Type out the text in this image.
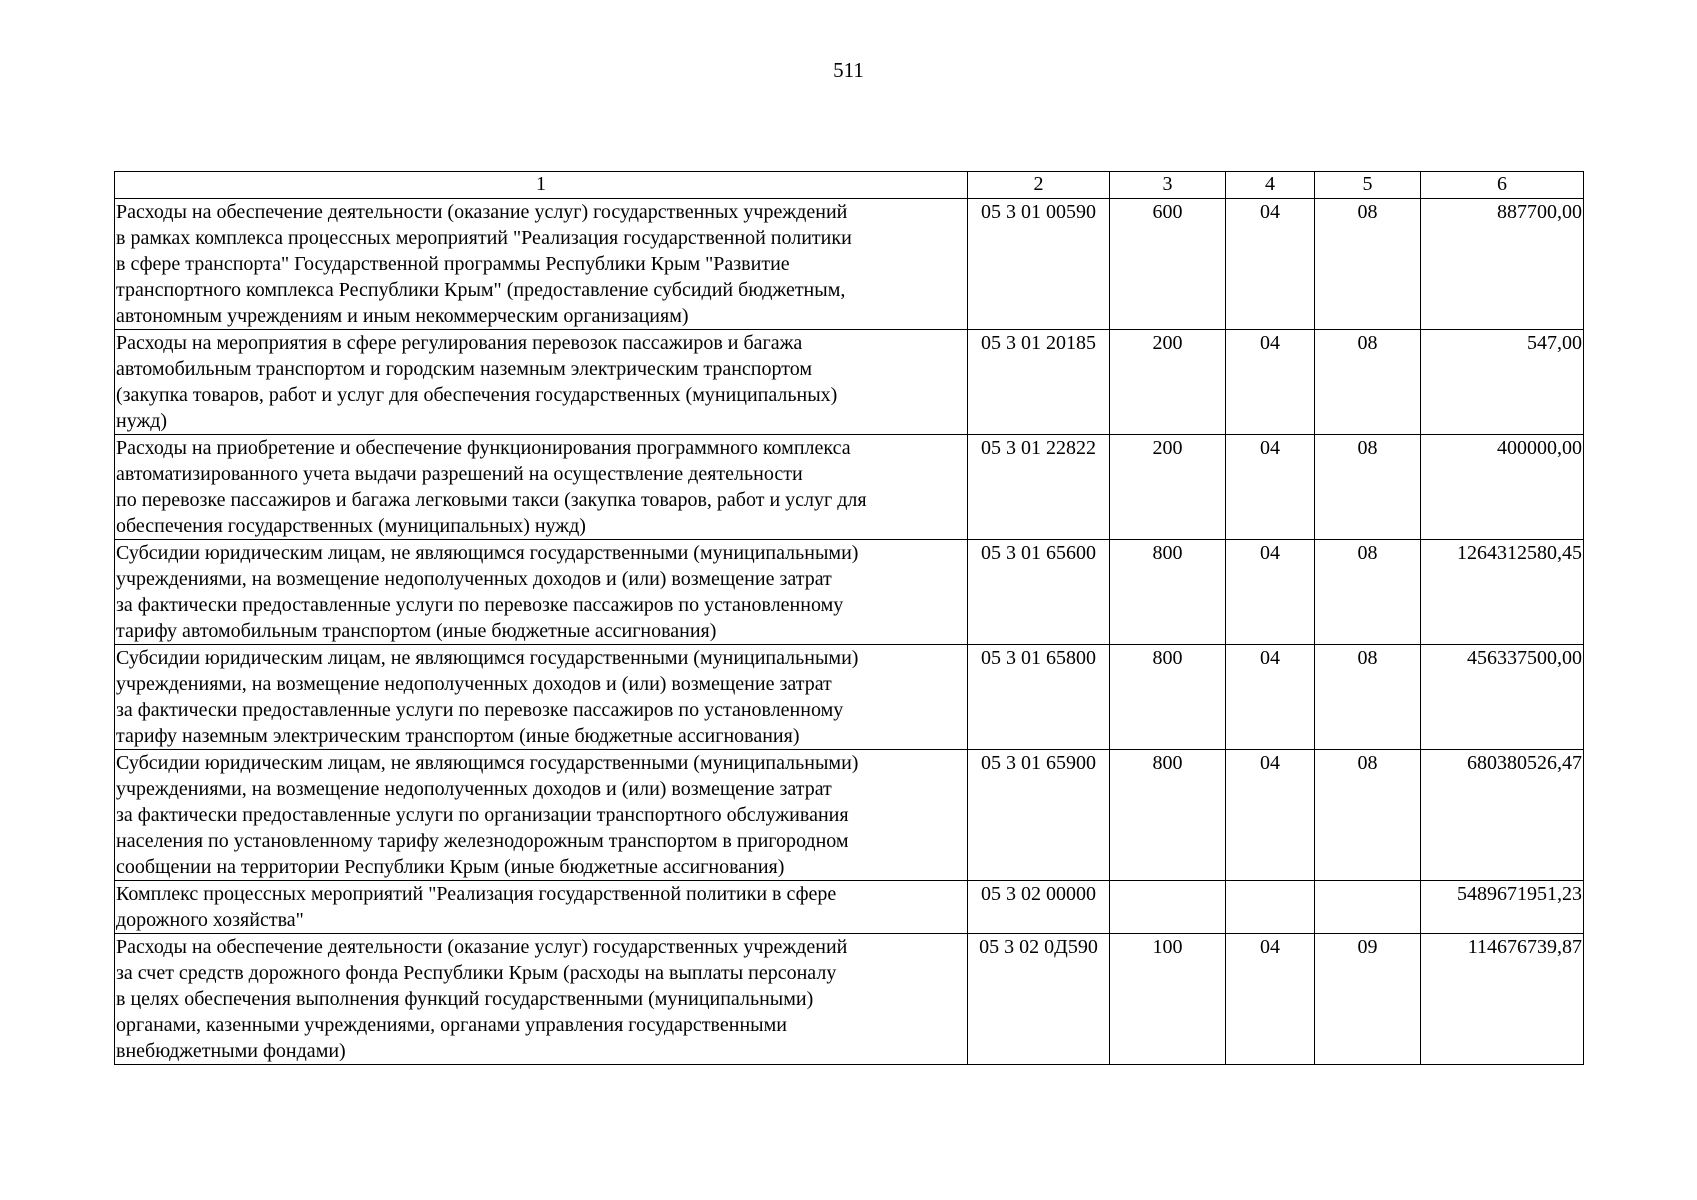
511
1	2	3	4	5	6

Расходы на обеспечение деятельности (оказание услуг) государственных учреждений
в рамках комплекса процессных мероприятий "Реализация государственной политики
в сфере транспорта" Государственной программы Республики Крым "Развитие
транспортного комплекса Республики Крым" (предоставление субсидий бюджетным,
автономным учреждениям и иным некоммерческим организациям)	05 3 01 00590	600	04	08	887700,00

Расходы на мероприятия в сфере регулирования перевозок пассажиров и багажа
автомобильным транспортом и городским наземным электрическим транспортом
(закупка товаров, работ и услуг для обеспечения государственных (муниципальных)
нужд)	05 3 01 20185	200	04	08	547,00

Расходы на приобретение и обеспечение функционирования программного комплекса
автоматизированного учета выдачи разрешений на осуществление деятельности
по перевозке пассажиров и багажа легковыми такси (закупка товаров, работ и услуг для
обеспечения государственных (муниципальных) нужд)	05 3 01 22822	200	04	08	400000,00

Субсидии юридическим лицам, не являющимся государственными (муниципальными)
учреждениями, на возмещение недополученных доходов и (или) возмещение затрат
за фактически предоставленные услуги по перевозке пассажиров по установленному
тарифу автомобильным транспортом (иные бюджетные ассигнования)	05 3 01 65600	800	04	08	1264312580,45

Субсидии юридическим лицам, не являющимся государственными (муниципальными)
учреждениями, на возмещение недополученных доходов и (или) возмещение затрат
за фактически предоставленные услуги по перевозке пассажиров по установленному
тарифу наземным электрическим транспортом (иные бюджетные ассигнования)	05 3 01 65800	800	04	08	456337500,00

Субсидии юридическим лицам, не являющимся государственными (муниципальными)
учреждениями, на возмещение недополученных доходов и (или) возмещение затрат
за фактически предоставленные услуги по организации транспортного обслуживания
населения по установленному тарифу железнодорожным транспортом в пригородном
сообщении на территории Республики Крым (иные бюджетные ассигнования)	05 3 01 65900	800	04	08	680380526,47

Комплекс процессных мероприятий "Реализация государственной политики в сфере
дорожного хозяйства"	05 3 02 00000				5489671951,23

Расходы на обеспечение деятельности (оказание услуг) государственных учреждений
за счет средств дорожного фонда Республики Крым (расходы на выплаты персоналу
в целях обеспечения выполнения функций государственными (муниципальными)
органами, казенными учреждениями, органами управления государственными
внебюджетными фондами)	05 3 02 0Д590	100	04	09	114676739,87
